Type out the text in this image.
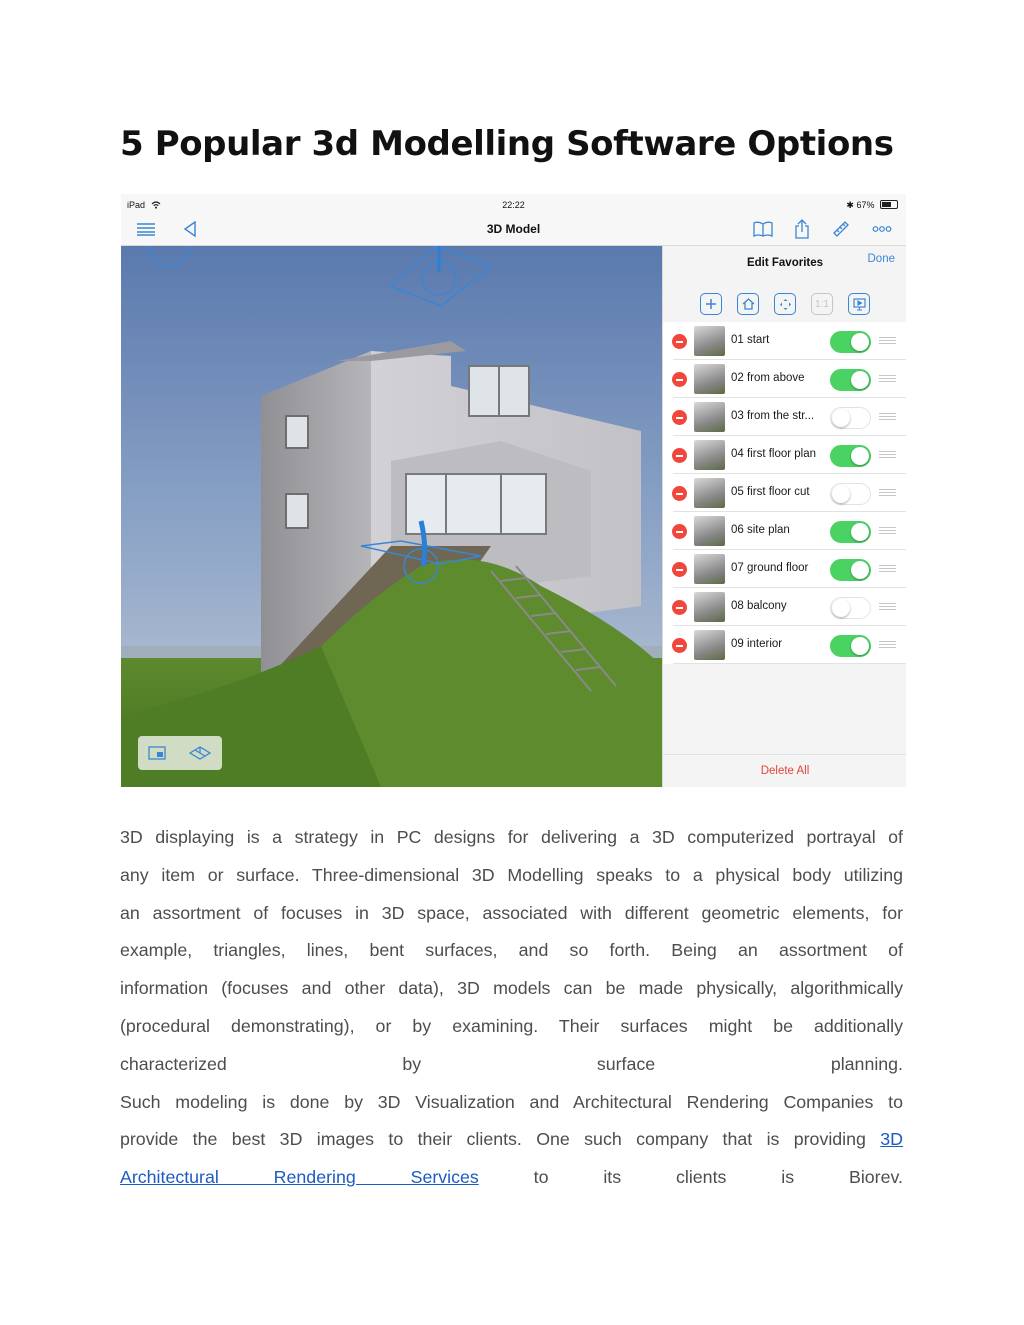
5 Popular 3d Modelling Software Options
iPad	22:22	✱ 67%
3D Model
Edit Favorites	Done
1:1
01 start
02 from above
03 from the str...
04 first floor plan
05 first floor cut
06 site plan
07 ground floor
08 balcony
09 interior
Delete All
3D displaying is a strategy in PC designs for delivering a 3D computerized portrayal of
any item or surface. Three-dimensional 3D Modelling speaks to a physical body utilizing
an assortment of focuses in 3D space, associated with different geometric elements, for
example, triangles, lines, bent surfaces, and so forth. Being an assortment of
information (focuses and other data), 3D models can be made physically, algorithmically
(procedural demonstrating), or by examining. Their surfaces might be additionally
characterized by surface planning.
Such modeling is done by 3D Visualization and Architectural Rendering Companies to
provide the best 3D images to their clients. One such company that is providing 3D
Architectural Rendering Services	to its clients is Biorev.
